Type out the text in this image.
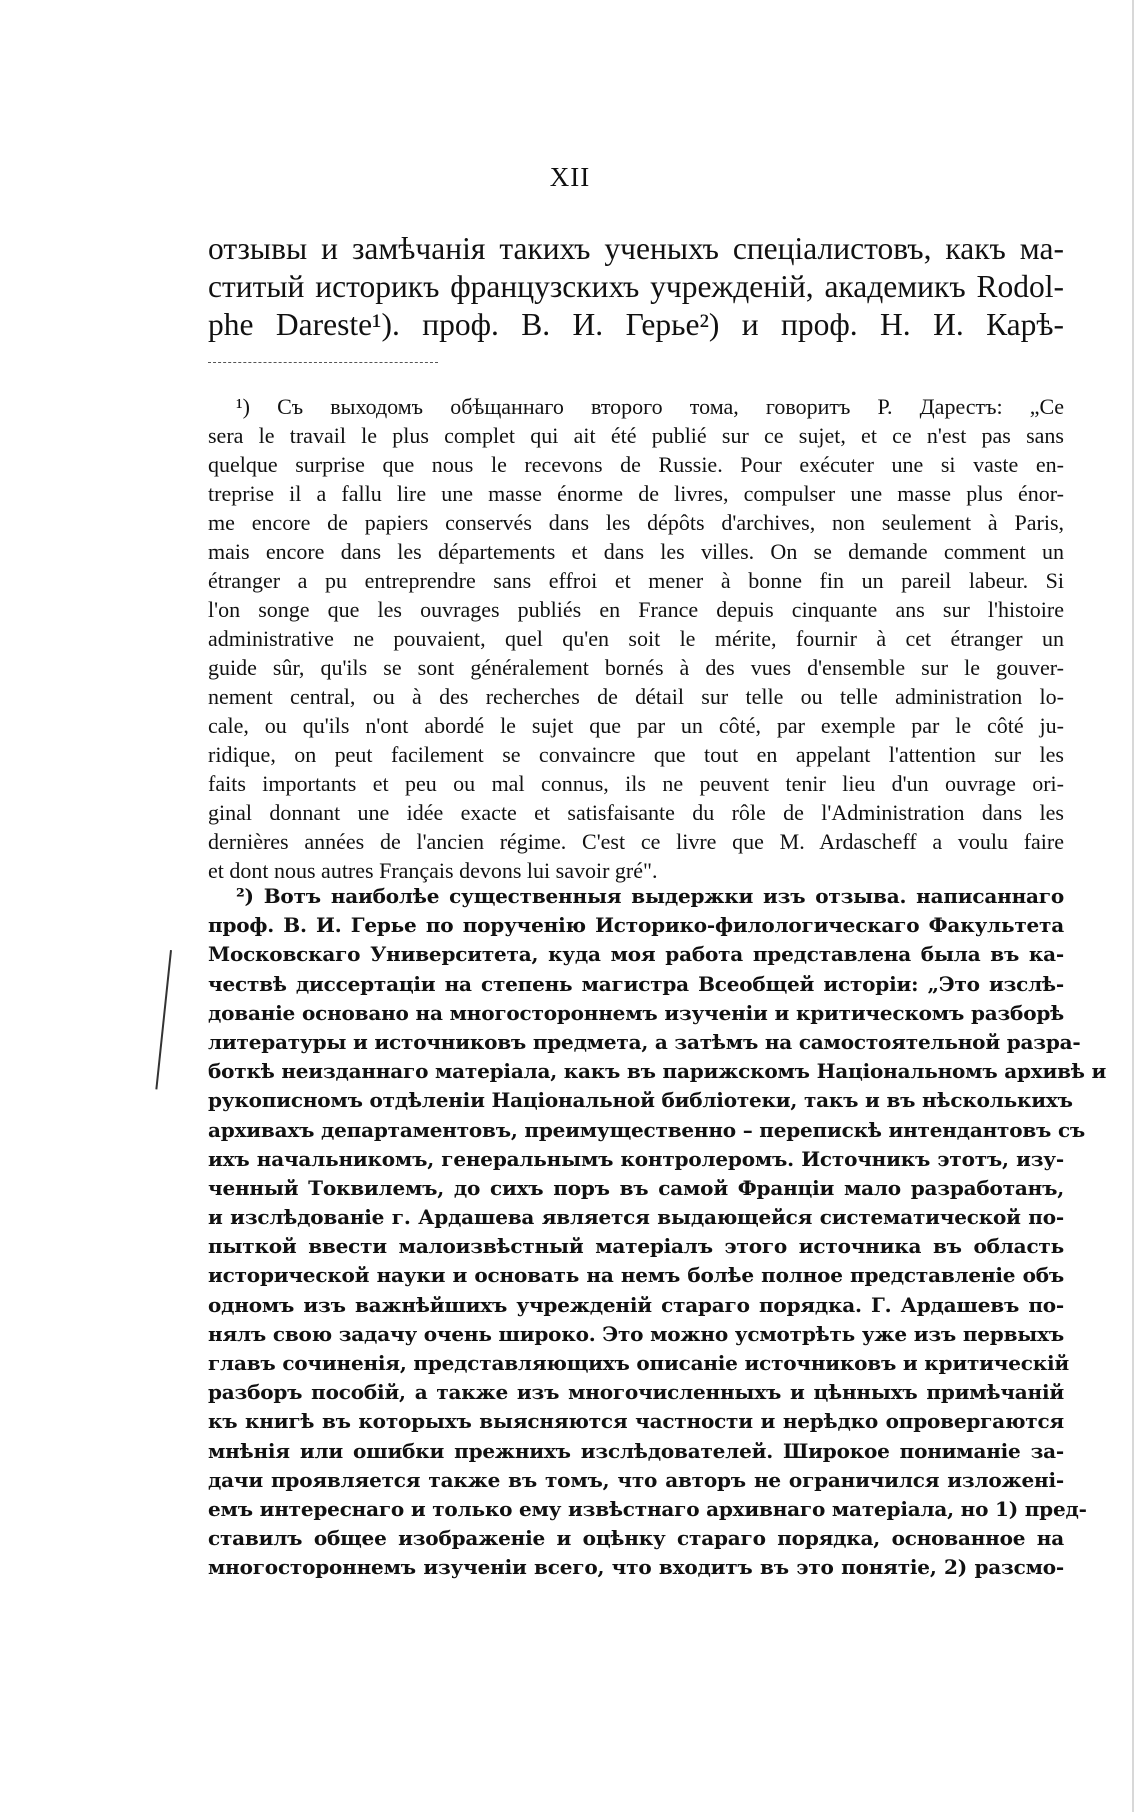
XII
отзывы и замѣчанія такихъ ученыхъ спеціалистовъ, какъ ма-
ститый историкъ французскихъ учрежденій, академикъ Rodol-
phe Dareste¹). проф. В. И. Герье²) и проф. Н. И. Карѣ-
¹) Съ выходомъ обѣщаннаго второго тома, говоритъ Р. Дарестъ: „Ce
sera le travail le plus complet qui ait été publié sur ce sujet, et ce n'est pas sans
quelque surprise que nous le recevons de Russie. Pour exécuter une si vaste en-
treprise il a fallu lire une masse énorme de livres, compulser une masse plus énor-
me encore de papiers conservés dans les dépôts d'archives, non seulement à Paris,
mais encore dans les départements et dans les villes. On se demande comment un
étranger a pu entreprendre sans effroi et mener à bonne fin un pareil labeur. Si
l'on songe que les ouvrages publiés en France depuis cinquante ans sur l'histoire
administrative ne pouvaient, quel qu'en soit le mérite, fournir à cet étranger un
guide sûr, qu'ils se sont généralement bornés à des vues d'ensemble sur le gouver-
nement central, ou à des recherches de détail sur telle ou telle administration lo-
cale, ou qu'ils n'ont abordé le sujet que par un côté, par exemple par le côté ju-
ridique, on peut facilement se convaincre que tout en appelant l'attention sur les
faits importants et peu ou mal connus, ils ne peuvent tenir lieu d'un ouvrage ori-
ginal donnant une idée exacte et satisfaisante du rôle de l'Administration dans les
dernières années de l'ancien régime. C'est ce livre que M. Ardascheff a voulu faire
et dont nous autres Français devons lui savoir gré".
²) Вотъ наиболѣе существенныя выдержки изъ отзыва. написаннаго
проф. В. И. Герье по порученію Историко-филологическаго Факультета
Московскаго Университета, куда моя работа представлена была въ ка-
чествѣ диссертаціи на степень магистра Всеобщей исторіи: „Это изслѣ-
дованіе основано на многостороннемъ изученіи и критическомъ разборѣ
литературы и источниковъ предмета, а затѣмъ на самостоятельной разра-
боткѣ неизданнаго матеріала, какъ въ парижскомъ Національномъ архивѣ и
рукописномъ отдѣленіи Національной библіотеки, такъ и въ нѣсколькихъ
архивахъ департаментовъ, преимущественно – перепискѣ интендантовъ съ
ихъ начальникомъ, генеральнымъ контролеромъ. Источникъ этотъ, изу-
ченный Токвилемъ, до сихъ поръ въ самой Франціи мало разработанъ,
и изслѣдованіе г. Ардашева является выдающейся систематической по-
пыткой ввести малоизвѣстный матеріалъ этого источника въ область
исторической науки и основать на немъ болѣе полное представленіе объ
одномъ изъ важнѣйшихъ учрежденій стараго порядка. Г. Ардашевъ по-
нялъ свою задачу очень широко. Это можно усмотрѣть уже изъ первыхъ
главъ сочиненія, представляющихъ описаніе источниковъ и критическій
разборъ пособій, а также изъ многочисленныхъ и цѣнныхъ примѣчаній
къ книгѣ въ которыхъ выясняются частности и нерѣдко опровергаются
мнѣнія или ошибки прежнихъ изслѣдователей. Широкое пониманіе за-
дачи проявляется также въ томъ, что авторъ не ограничился изложені-
емъ интереснаго и только ему извѣстнаго архивнаго матеріала, но 1) пред-
ставилъ общее изображеніе и оцѣнку стараго порядка, основанное на
многостороннемъ изученіи всего, что входитъ въ это понятіе, 2) разсмо-
